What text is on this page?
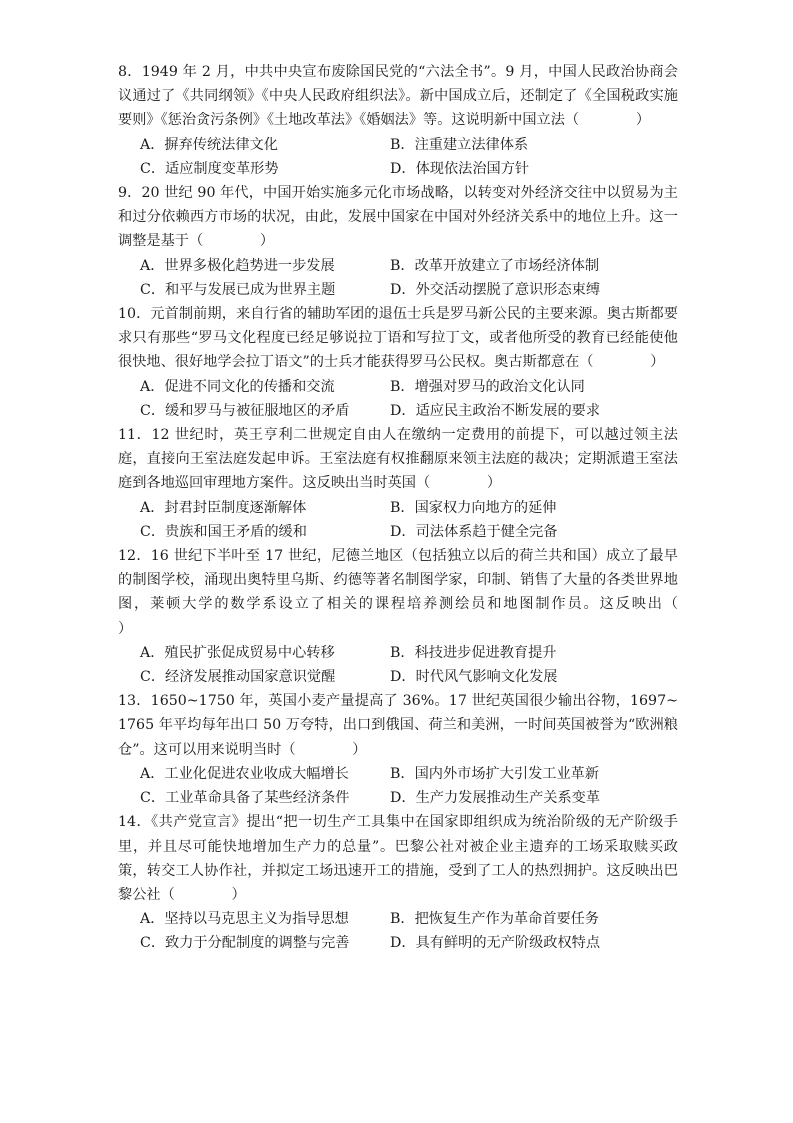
8．1949 年 2 月，中共中央宣布废除国民党的“六法全书”。9 月，中国人民政治协商会议通过了《共同纲领》《中央人民政府组织法》。新中国成立后，还制定了《全国税政实施要则》《惩治贪污条例》《土地改革法》《婚姻法》等。这说明新中国立法（　　　　）

A．摒弃传统法律文化	B．注重建立法律体系
C．适应制度变革形势	D．体现依法治国方针

9．20 世纪 90 年代，中国开始实施多元化市场战略，以转变对外经济交往中以贸易为主和过分依赖西方市场的状况，由此，发展中国家在中国对外经济关系中的地位上升。这一调整是基于（　　　　）

A．世界多极化趋势进一步发展	B．改革开放建立了市场经济体制
C．和平与发展已成为世界主题	D．外交活动摆脱了意识形态束缚

10．元首制前期，来自行省的辅助军团的退伍士兵是罗马新公民的主要来源。奥古斯都要求只有那些“罗马文化程度已经足够说拉丁语和写拉丁文，或者他所受的教育已经能使他很快地、很好地学会拉丁语文”的士兵才能获得罗马公民权。奥古斯都意在（　　　　）

A．促进不同文化的传播和交流	B．增强对罗马的政治文化认同
C．缓和罗马与被征服地区的矛盾	D．适应民主政治不断发展的要求

11．12 世纪时，英王亨利二世规定自由人在缴纳一定费用的前提下，可以越过领主法庭，直接向王室法庭发起申诉。王室法庭有权推翻原来领主法庭的裁决；定期派遣王室法庭到各地巡回审理地方案件。这反映出当时英国（　　　　）

A．封君封臣制度逐渐解体	B．国家权力向地方的延伸
C．贵族和国王矛盾的缓和	D．司法体系趋于健全完备

12．16 世纪下半叶至 17 世纪，尼德兰地区（包括独立以后的荷兰共和国）成立了最早的制图学校，涌现出奥特里乌斯、约德等著名制图学家，印制、销售了大量的各类世界地图，莱顿大学的数学系设立了相关的课程培养测绘员和地图制作员。这反映出（　　　　）

A．殖民扩张促成贸易中心转移	B．科技进步促进教育提升
C．经济发展推动国家意识觉醒	D．时代风气影响文化发展

13．1650~1750 年，英国小麦产量提高了 36%。17 世纪英国很少输出谷物，1697~1765 年平均每年出口 50 万夸特，出口到俄国、荷兰和美洲，一时间英国被誉为“欧洲粮仓”。这可以用来说明当时（　　　　）

A．工业化促进农业收成大幅增长	B．国内外市场扩大引发工业革新
C．工业革命具备了某些经济条件	D．生产力发展推动生产关系变革

14．《共产党宣言》提出“把一切生产工具集中在国家即组织成为统治阶级的无产阶级手里，并且尽可能快地增加生产力的总量”。巴黎公社对被企业主遗弃的工场采取赎买政策，转交工人协作社，并拟定工场迅速开工的措施，受到了工人的热烈拥护。这反映出巴黎公社（　　　　）

A．坚持以马克思主义为指导思想	B．把恢复生产作为革命首要任务
C．致力于分配制度的调整与完善	D．具有鲜明的无产阶级政权特点
